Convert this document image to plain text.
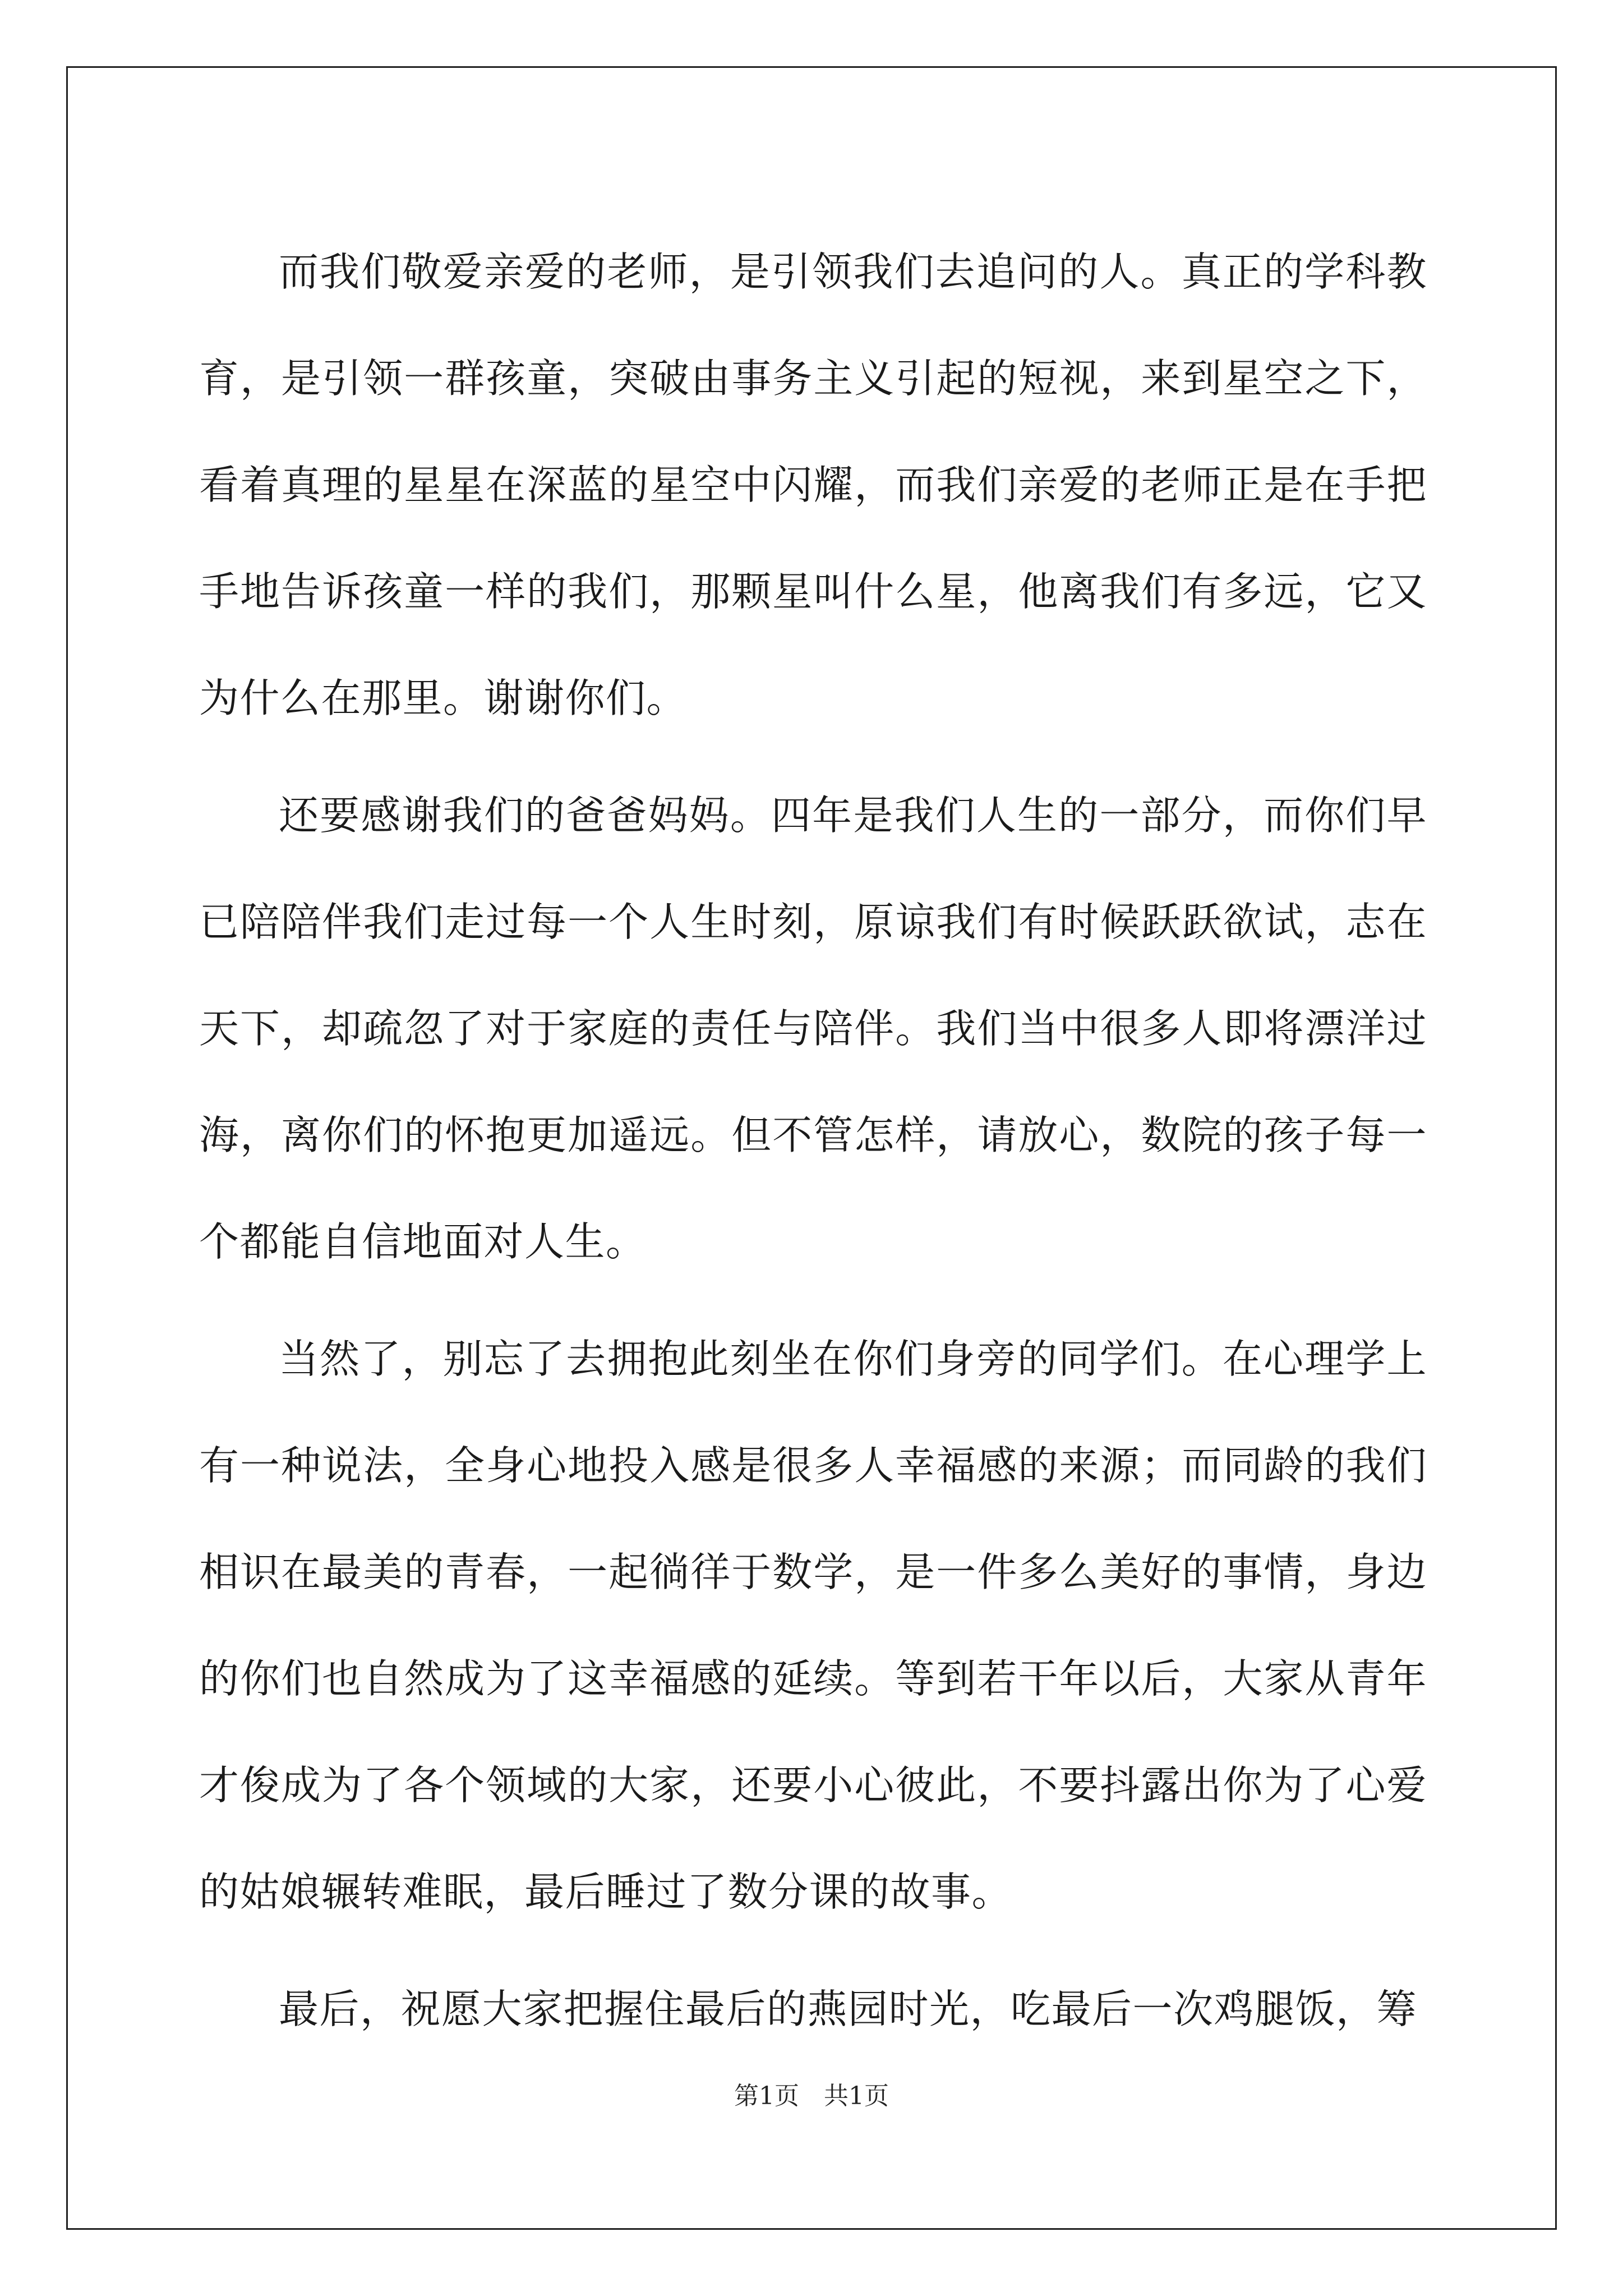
而我们敬爱亲爱的老师，是引领我们去追问的人。真正的学科教育，是引领一群孩童，突破由事务主义引起的短视，来到星空之下，看着真理的星星在深蓝的星空中闪耀，而我们亲爱的老师正是在手把手地告诉孩童一样的我们，那颗星叫什么星，他离我们有多远，它又为什么在那里。谢谢你们。

还要感谢我们的爸爸妈妈。四年是我们人生的一部分，而你们早已陪陪伴我们走过每一个人生时刻，原谅我们有时候跃跃欲试，志在天下，却疏忽了对于家庭的责任与陪伴。我们当中很多人即将漂洋过海，离你们的怀抱更加遥远。但不管怎样，请放心，数院的孩子每一个都能自信地面对人生。

当然了，别忘了去拥抱此刻坐在你们身旁的同学们。在心理学上有一种说法，全身心地投入感是很多人幸福感的来源；而同龄的我们相识在最美的青春，一起徜徉于数学，是一件多么美好的事情，身边的你们也自然成为了这幸福感的延续。等到若干年以后，大家从青年才俊成为了各个领域的大家，还要小心彼此，不要抖露出你为了心爱的姑娘辗转难眠，最后睡过了数分课的故事。

最后，祝愿大家把握住最后的燕园时光，吃最后一次鸡腿饭，筹

第1页　共1页
